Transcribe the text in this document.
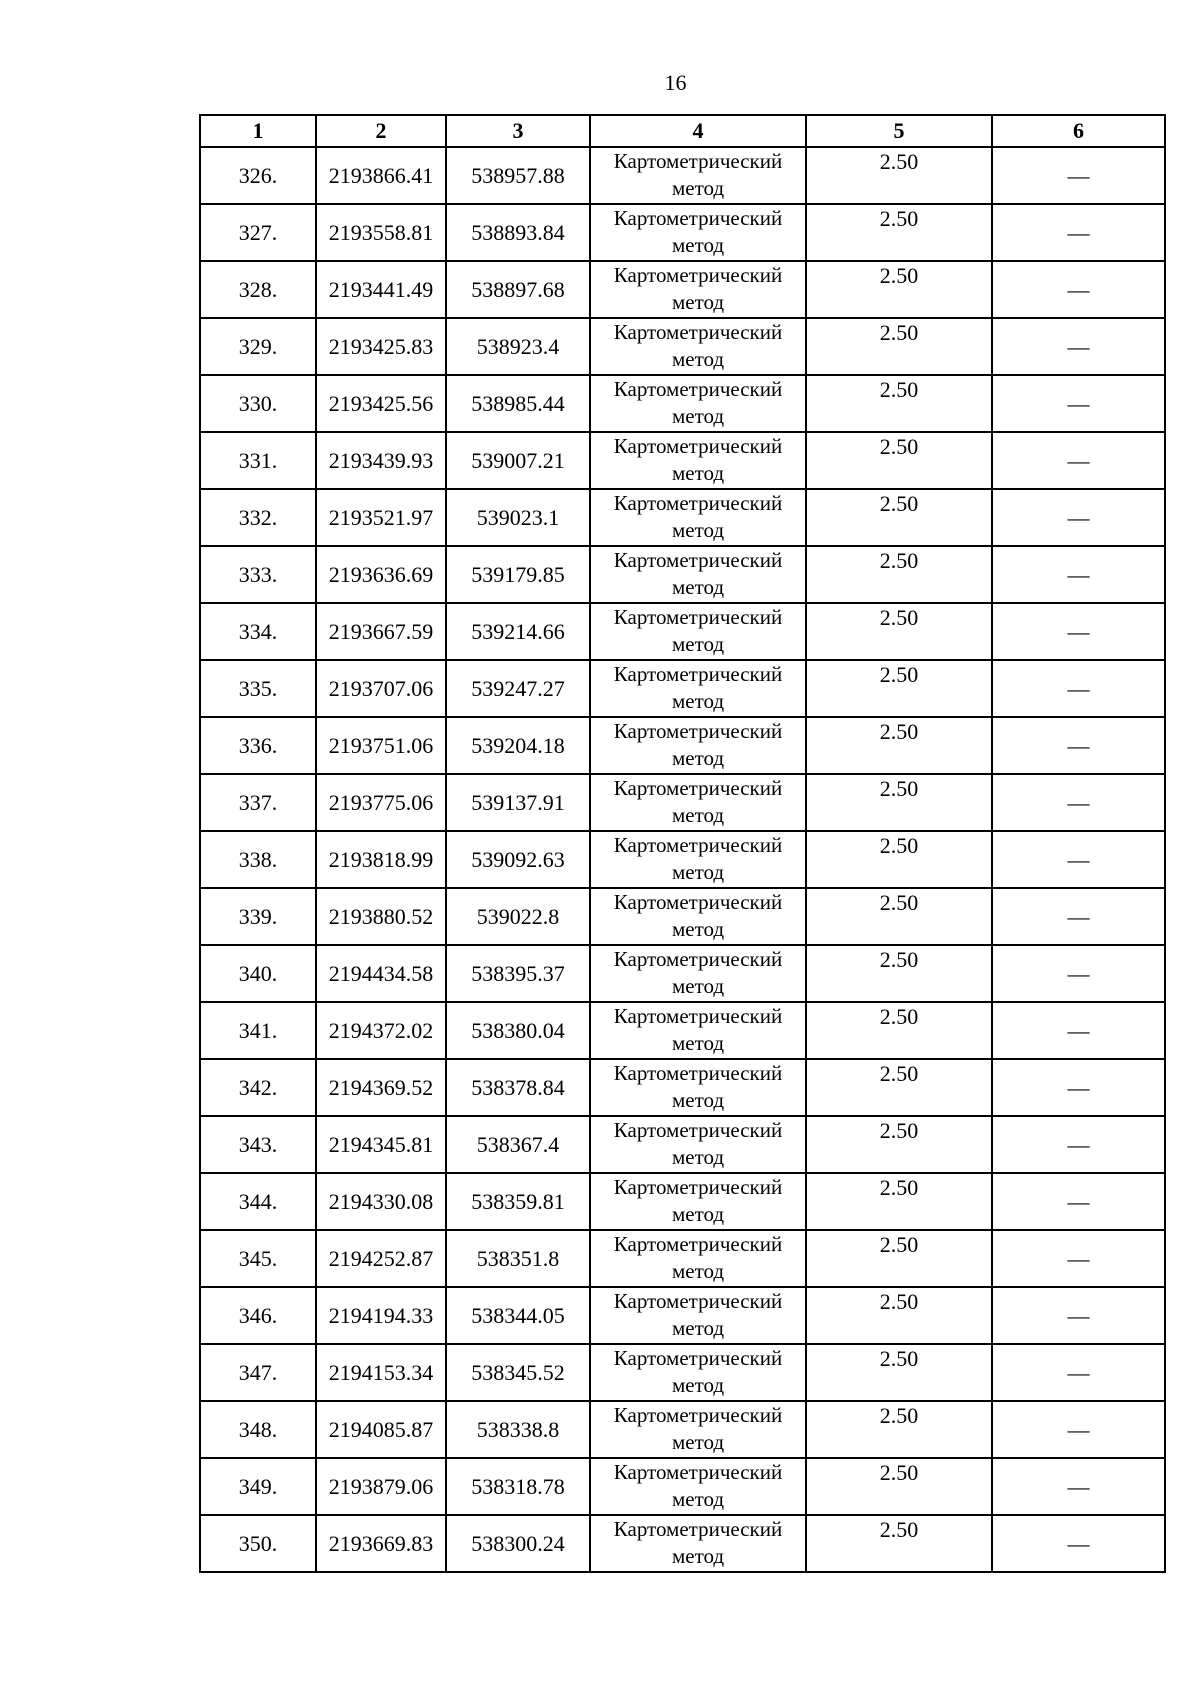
16
1	2	3	4	5	6
326.	2193866.41	538957.88	Картометрический метод	2.50	—
327.	2193558.81	538893.84	Картометрический метод	2.50	—
328.	2193441.49	538897.68	Картометрический метод	2.50	—
329.	2193425.83	538923.4	Картометрический метод	2.50	—
330.	2193425.56	538985.44	Картометрический метод	2.50	—
331.	2193439.93	539007.21	Картометрический метод	2.50	—
332.	2193521.97	539023.1	Картометрический метод	2.50	—
333.	2193636.69	539179.85	Картометрический метод	2.50	—
334.	2193667.59	539214.66	Картометрический метод	2.50	—
335.	2193707.06	539247.27	Картометрический метод	2.50	—
336.	2193751.06	539204.18	Картометрический метод	2.50	—
337.	2193775.06	539137.91	Картометрический метод	2.50	—
338.	2193818.99	539092.63	Картометрический метод	2.50	—
339.	2193880.52	539022.8	Картометрический метод	2.50	—
340.	2194434.58	538395.37	Картометрический метод	2.50	—
341.	2194372.02	538380.04	Картометрический метод	2.50	—
342.	2194369.52	538378.84	Картометрический метод	2.50	—
343.	2194345.81	538367.4	Картометрический метод	2.50	—
344.	2194330.08	538359.81	Картометрический метод	2.50	—
345.	2194252.87	538351.8	Картометрический метод	2.50	—
346.	2194194.33	538344.05	Картометрический метод	2.50	—
347.	2194153.34	538345.52	Картометрический метод	2.50	—
348.	2194085.87	538338.8	Картометрический метод	2.50	—
349.	2193879.06	538318.78	Картометрический метод	2.50	—
350.	2193669.83	538300.24	Картометрический метод	2.50	—
